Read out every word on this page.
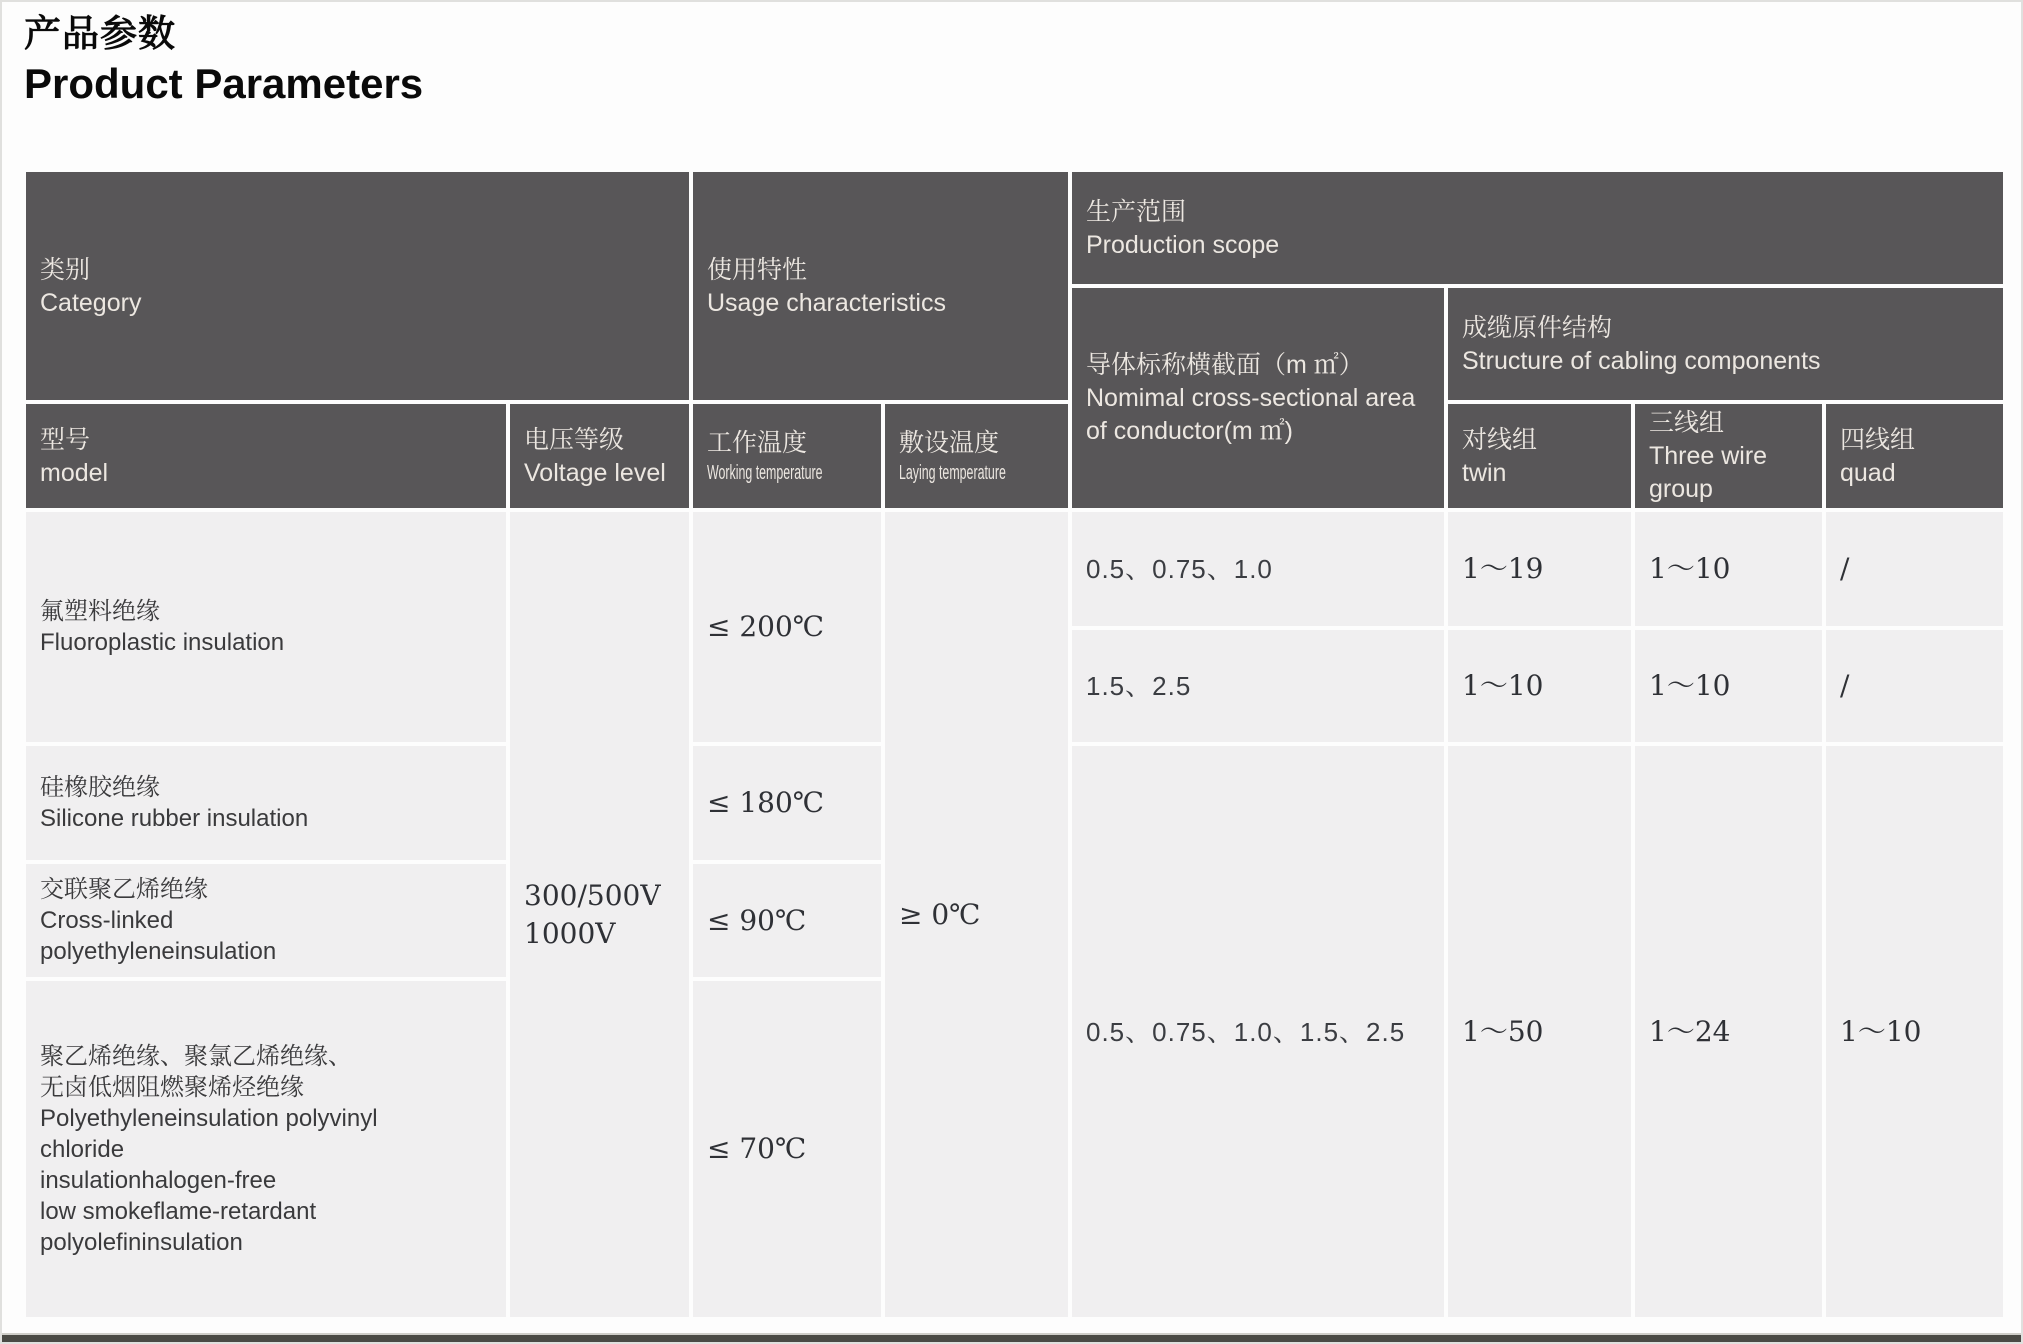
产品参数
Product Parameters
类别
Category
使用特性
Usage characteristics
生产范围
Production scope
导体标称横截面（m ㎡）
Nomimal cross-sectional area of conductor(m ㎡)
成缆原件结构
Structure of cabling components
型号
model
电压等级
Voltage level
工作温度
Working temperature
敷设温度
Laying temperature
对线组
twin
三线组
Three wire group
四线组
quad
氟塑料绝缘
Fluoroplastic insulation
硅橡胶绝缘
Silicone rubber insulation
交联聚乙烯绝缘
Cross-linked
polyethyleneinsulation
聚乙烯绝缘、聚氯乙烯绝缘、
无卤低烟阻燃聚烯烃绝缘
Polyethyleneinsulation polyvinyl
chloride
insulationhalogen-free
low smokeflame-retardant
polyolefininsulation
300/500V
1000V
≤ 200℃
≤ 180℃
≤ 90℃
≤ 70℃
≥ 0℃
0.5、0.75、1.0
1.5、2.5
0.5、0.75、1.0、1.5、2.5
1～19
1～10
1～50
1～10
1～10
1～24
/
/
1～10
